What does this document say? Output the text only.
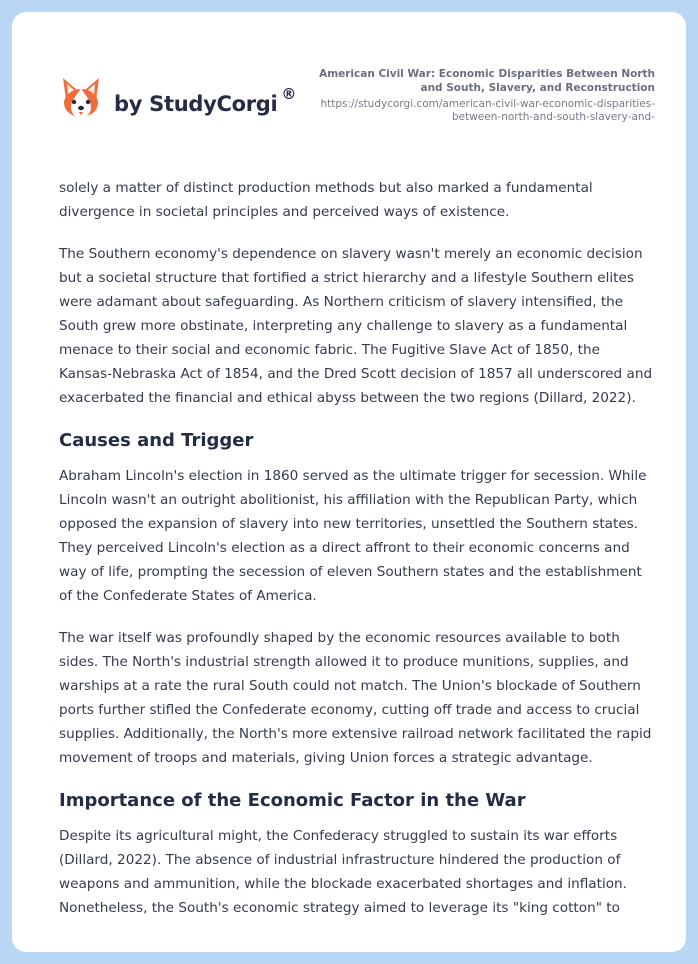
by StudyCorgi ®
American Civil War: Economic Disparities Between North and South, Slavery, and Reconstruction
https://studycorgi.com/american-civil-war-economic-disparities-between-north-and-south-slavery-and-

solely a matter of distinct production methods but also marked a fundamental divergence in societal principles and perceived ways of existence.

The Southern economy's dependence on slavery wasn't merely an economic decision but a societal structure that fortified a strict hierarchy and a lifestyle Southern elites were adamant about safeguarding. As Northern criticism of slavery intensified, the South grew more obstinate, interpreting any challenge to slavery as a fundamental menace to their social and economic fabric. The Fugitive Slave Act of 1850, the Kansas-Nebraska Act of 1854, and the Dred Scott decision of 1857 all underscored and exacerbated the financial and ethical abyss between the two regions (Dillard, 2022).

Causes and Trigger

Abraham Lincoln's election in 1860 served as the ultimate trigger for secession. While Lincoln wasn't an outright abolitionist, his affiliation with the Republican Party, which opposed the expansion of slavery into new territories, unsettled the Southern states. They perceived Lincoln's election as a direct affront to their economic concerns and way of life, prompting the secession of eleven Southern states and the establishment of the Confederate States of America.

The war itself was profoundly shaped by the economic resources available to both sides. The North's industrial strength allowed it to produce munitions, supplies, and warships at a rate the rural South could not match. The Union's blockade of Southern ports further stifled the Confederate economy, cutting off trade and access to crucial supplies. Additionally, the North's more extensive railroad network facilitated the rapid movement of troops and materials, giving Union forces a strategic advantage.

Importance of the Economic Factor in the War

Despite its agricultural might, the Confederacy struggled to sustain its war efforts (Dillard, 2022). The absence of industrial infrastructure hindered the production of weapons and ammunition, while the blockade exacerbated shortages and inflation. Nonetheless, the South's economic strategy aimed to leverage its "king cotton" to
